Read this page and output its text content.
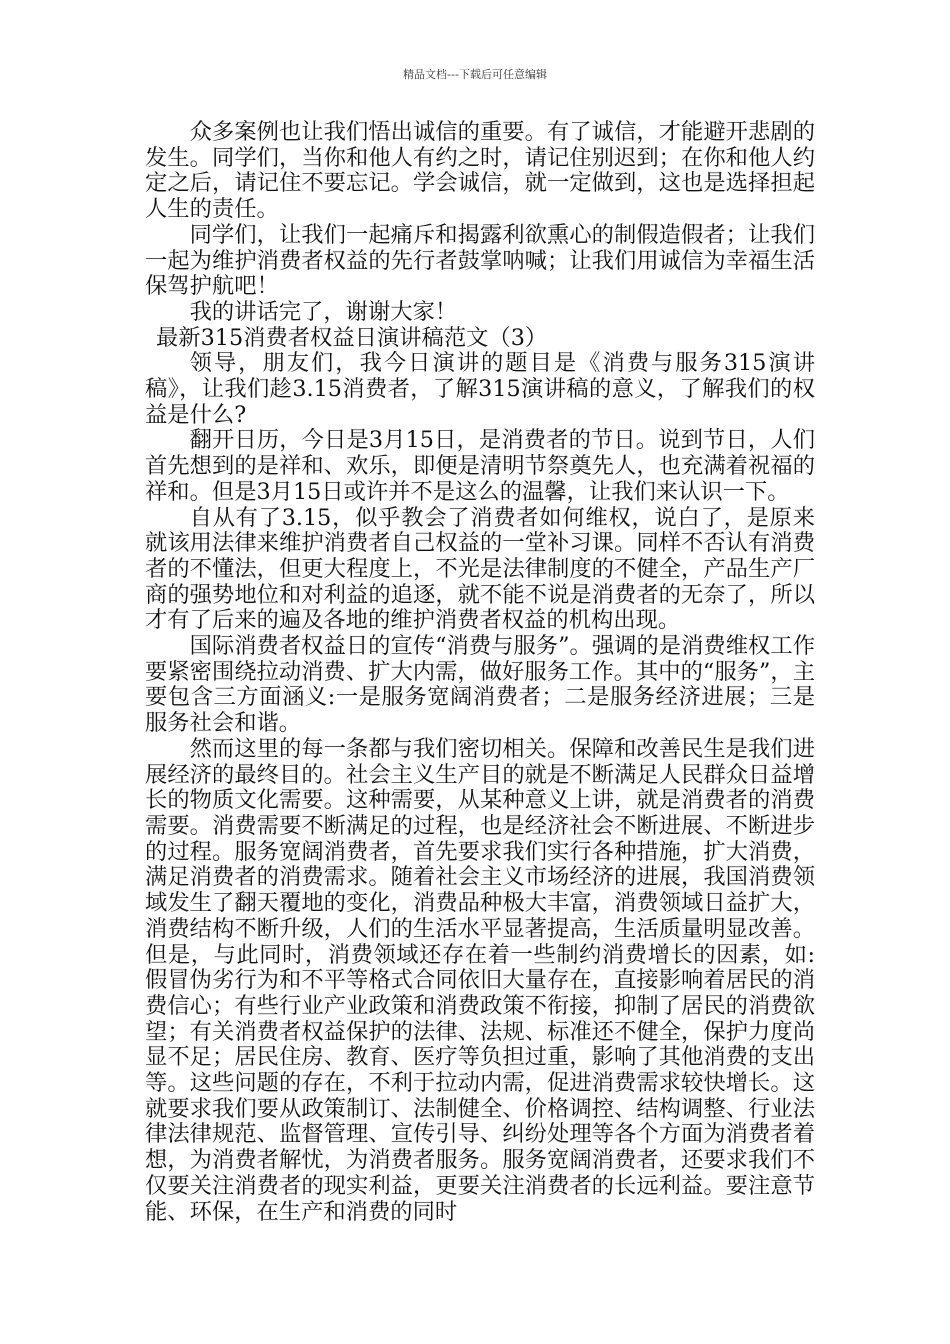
精品文档---下载后可任意编辑

众多案例也让我们悟出诚信的重要。有了诚信，才能避开悲剧的发生。同学们，当你和他人有约之时，请记住别迟到；在你和他人约定之后，请记住不要忘记。学会诚信，就一定做到，这也是选择担起人生的责任。

同学们，让我们一起痛斥和揭露利欲熏心的制假造假者；让我们一起为维护消费者权益的先行者鼓掌呐喊；让我们用诚信为幸福生活保驾护航吧！

我的讲话完了，谢谢大家！

最新315消费者权益日演讲稿范文（3）

领导，朋友们，我今日演讲的题目是《消费与服务315演讲稿》，让我们趁3.15消费者，了解315演讲稿的意义，了解我们的权益是什么?

翻开日历，今日是3月15日，是消费者的节日。说到节日，人们首先想到的是祥和、欢乐，即便是清明节祭奠先人，也充满着祝福的祥和。但是3月15日或许并不是这么的温馨，让我们来认识一下。

自从有了3.15，似乎教会了消费者如何维权，说白了，是原来就该用法律来维护消费者自己权益的一堂补习课。同样不否认有消费者的不懂法，但更大程度上，不光是法律制度的不健全，产品生产厂商的强势地位和对利益的追逐，就不能不说是消费者的无奈了，所以才有了后来的遍及各地的维护消费者权益的机构出现。

国际消费者权益日的宣传“消费与服务”。强调的是消费维权工作要紧密围绕拉动消费、扩大内需，做好服务工作。其中的“服务”，主要包含三方面涵义:一是服务宽阔消费者；二是服务经济进展；三是服务社会和谐。

然而这里的每一条都与我们密切相关。保障和改善民生是我们进展经济的最终目的。社会主义生产目的就是不断满足人民群众日益增长的物质文化需要。这种需要，从某种意义上讲，就是消费者的消费需要。消费需要不断满足的过程，也是经济社会不断进展、不断进步的过程。服务宽阔消费者，首先要求我们实行各种措施，扩大消费，满足消费者的消费需求。随着社会主义市场经济的进展，我国消费领域发生了翻天覆地的变化，消费品种极大丰富，消费领域日益扩大，消费结构不断升级，人们的生活水平显著提高，生活质量明显改善。但是，与此同时，消费领域还存在着一些制约消费增长的因素，如:假冒伪劣行为和不平等格式合同依旧大量存在，直接影响着居民的消费信心；有些行业产业政策和消费政策不衔接，抑制了居民的消费欲望；有关消费者权益保护的法律、法规、标准还不健全，保护力度尚显不足；居民住房、教育、医疗等负担过重，影响了其他消费的支出等。这些问题的存在，不利于拉动内需，促进消费需求较快增长。这就要求我们要从政策制订、法制健全、价格调控、结构调整、行业法律法律规范、监督管理、宣传引导、纠纷处理等各个方面为消费者着想，为消费者解忧，为消费者服务。服务宽阔消费者，还要求我们不仅要关注消费者的现实利益，更要关注消费者的长远利益。要注意节能、环保，在生产和消费的同时
